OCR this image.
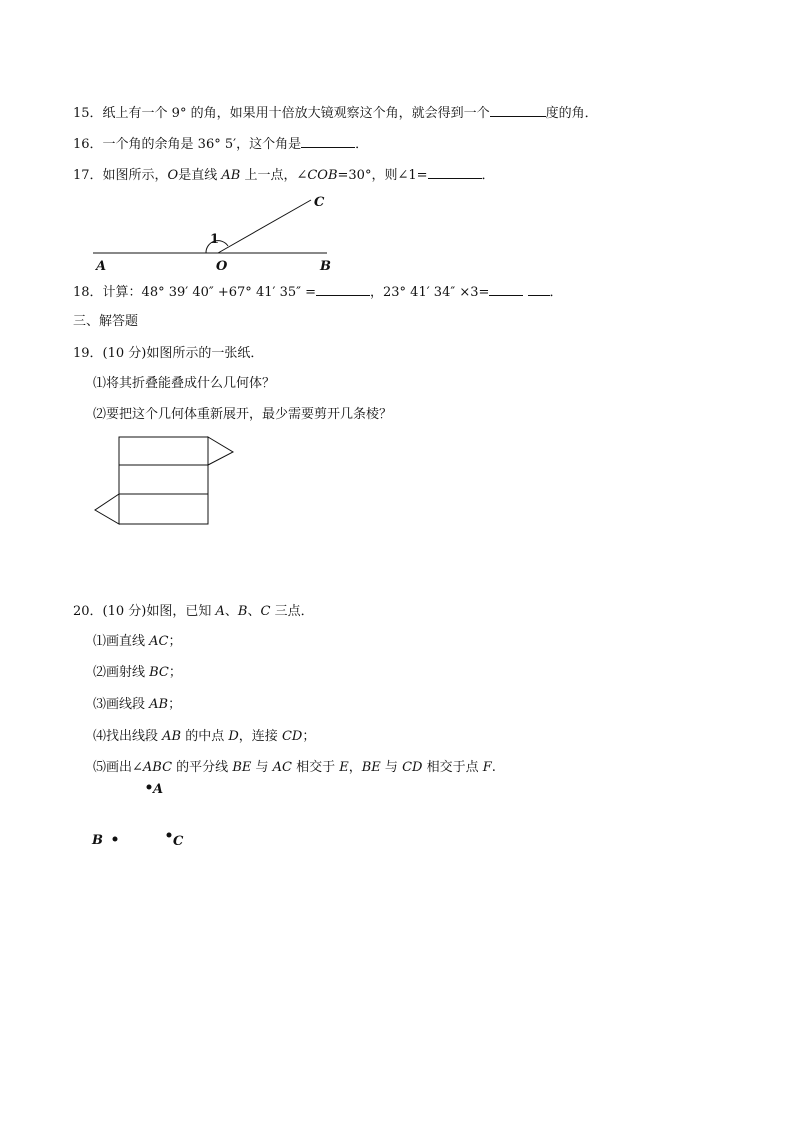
15．纸上有一个 9° 的角，如果用十倍放大镜观察这个角，就会得到一个	度的角．
16．一个角的余角是 36° 5′，这个角是	．
17．如图所示，O是直线 AB 上一点，∠COB=30°，则∠1=	．
A	O	B
C
1
18．计算：48° 39′ 40″ +67° 41′ 35″ =	，23° 41′ 34″ ×3=	．
三、解答题
19．(10 分)如图所示的一张纸．
⑴将其折叠能叠成什么几何体？
⑵要把这个几何体重新展开，最少需要剪开几条棱？
20．(10 分)如图，已知 A、B、C 三点．
⑴画直线 AC；
⑵画射线 BC；
⑶画线段 AB；
⑷找出线段 AB 的中点 D，连接 CD；
⑸画出∠ABC 的平分线 BE 与 AC 相交于 E，BE 与 CD 相交于点 F.
A
B	C
